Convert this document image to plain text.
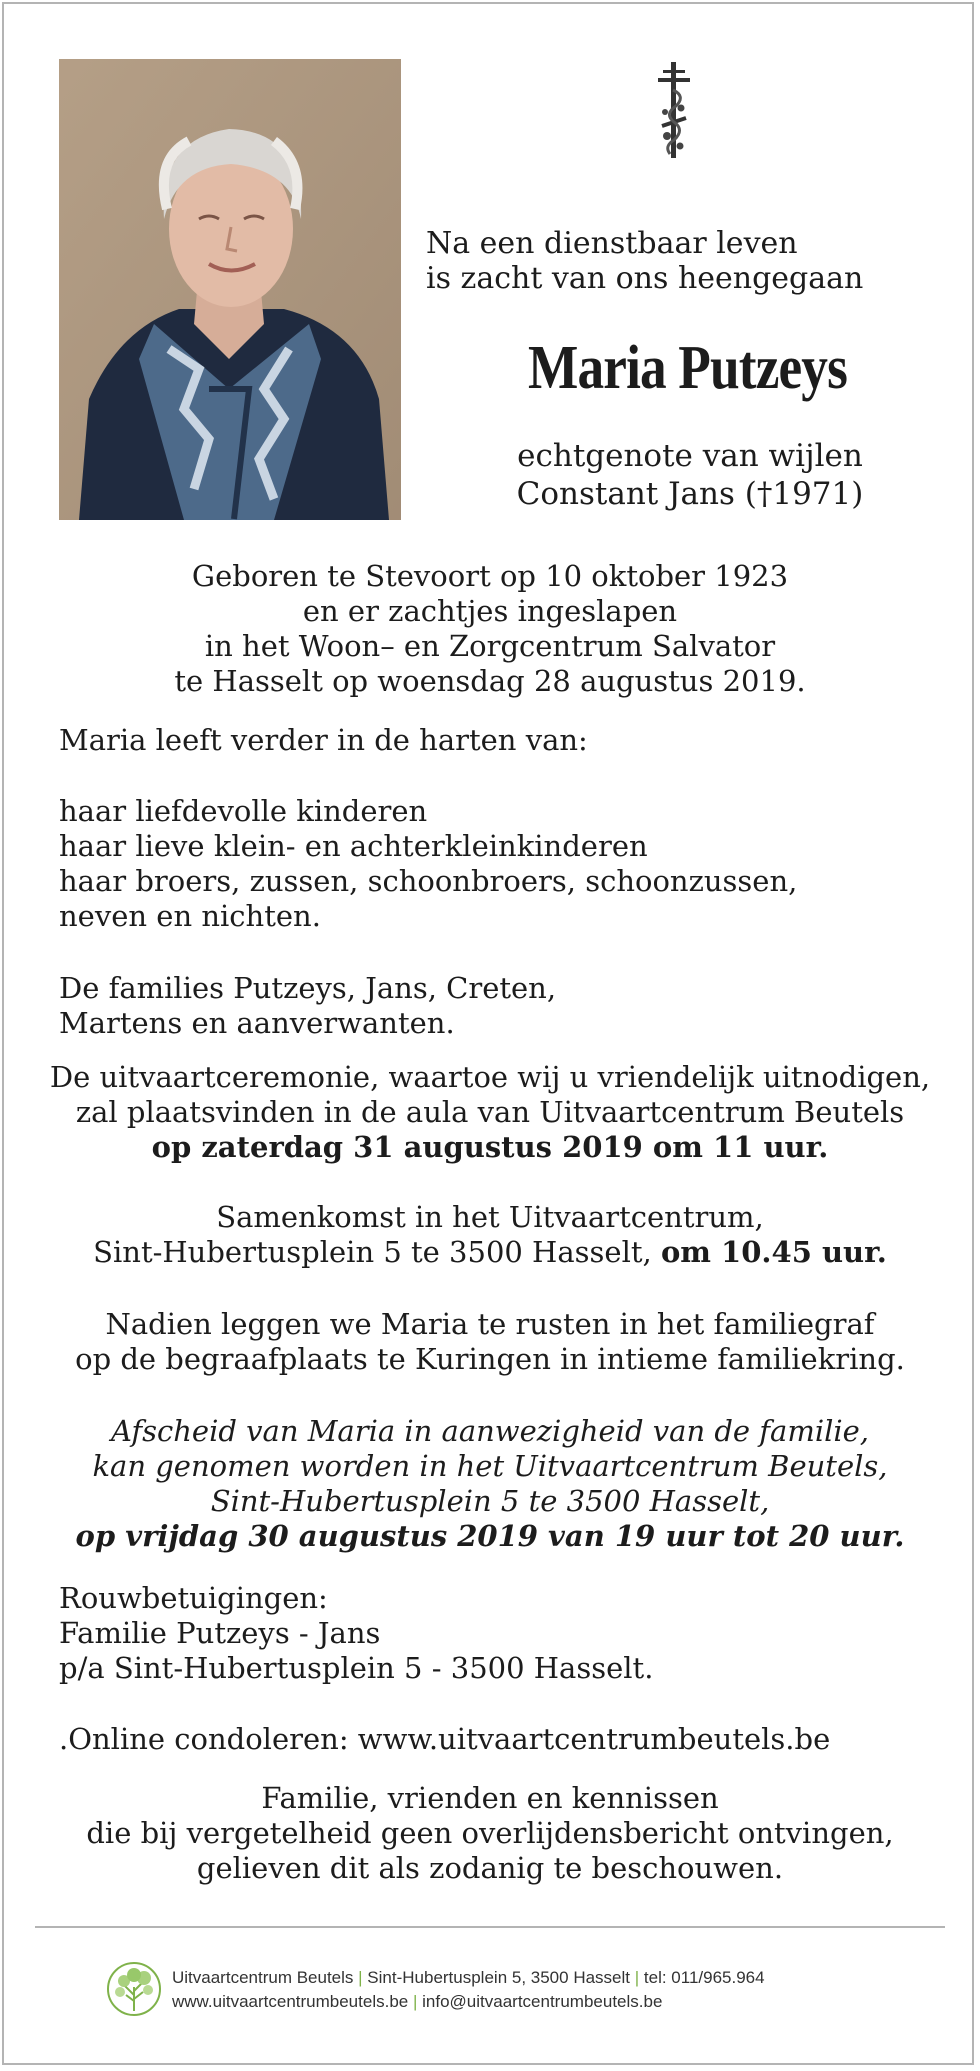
Na een dienstbaar leven
is zacht van ons heengegaan
Maria Putzeys
echtgenote van wijlen
Constant Jans (†1971)
Geboren te Stevoort op 10 oktober 1923
en er zachtjes ingeslapen
in het Woon– en Zorgcentrum Salvator
te Hasselt op woensdag 28 augustus 2019.
Maria leeft verder in de harten van:
haar liefdevolle kinderen
haar lieve klein- en achterkleinkinderen
haar broers, zussen, schoonbroers, schoonzussen,
neven en nichten.
De families Putzeys, Jans, Creten,
Martens en aanverwanten.
De uitvaartceremonie, waartoe wij u vriendelijk uitnodigen,
zal plaatsvinden in de aula van Uitvaartcentrum Beutels
op zaterdag 31 augustus 2019 om 11 uur.
Samenkomst in het Uitvaartcentrum,
Sint-Hubertusplein 5 te 3500 Hasselt, om 10.45 uur.
Nadien leggen we Maria te rusten in het familiegraf
op de begraafplaats te Kuringen in intieme familiekring.
Afscheid van Maria in aanwezigheid van de familie,
kan genomen worden in het Uitvaartcentrum Beutels,
Sint-Hubertusplein 5 te 3500 Hasselt,
op vrijdag 30 augustus 2019 van 19 uur tot 20 uur.
Rouwbetuigingen:
Familie Putzeys - Jans
p/a Sint-Hubertusplein 5 - 3500 Hasselt.
.Online condoleren: www.uitvaartcentrumbeutels.be
Familie, vrienden en kennissen
die bij vergetelheid geen overlijdensbericht ontvingen,
gelieven dit als zodanig te beschouwen.
Uitvaartcentrum Beutels | Sint-Hubertusplein 5, 3500 Hasselt | tel: 011/965.964
www.uitvaartcentrumbeutels.be | info@uitvaartcentrumbeutels.be
